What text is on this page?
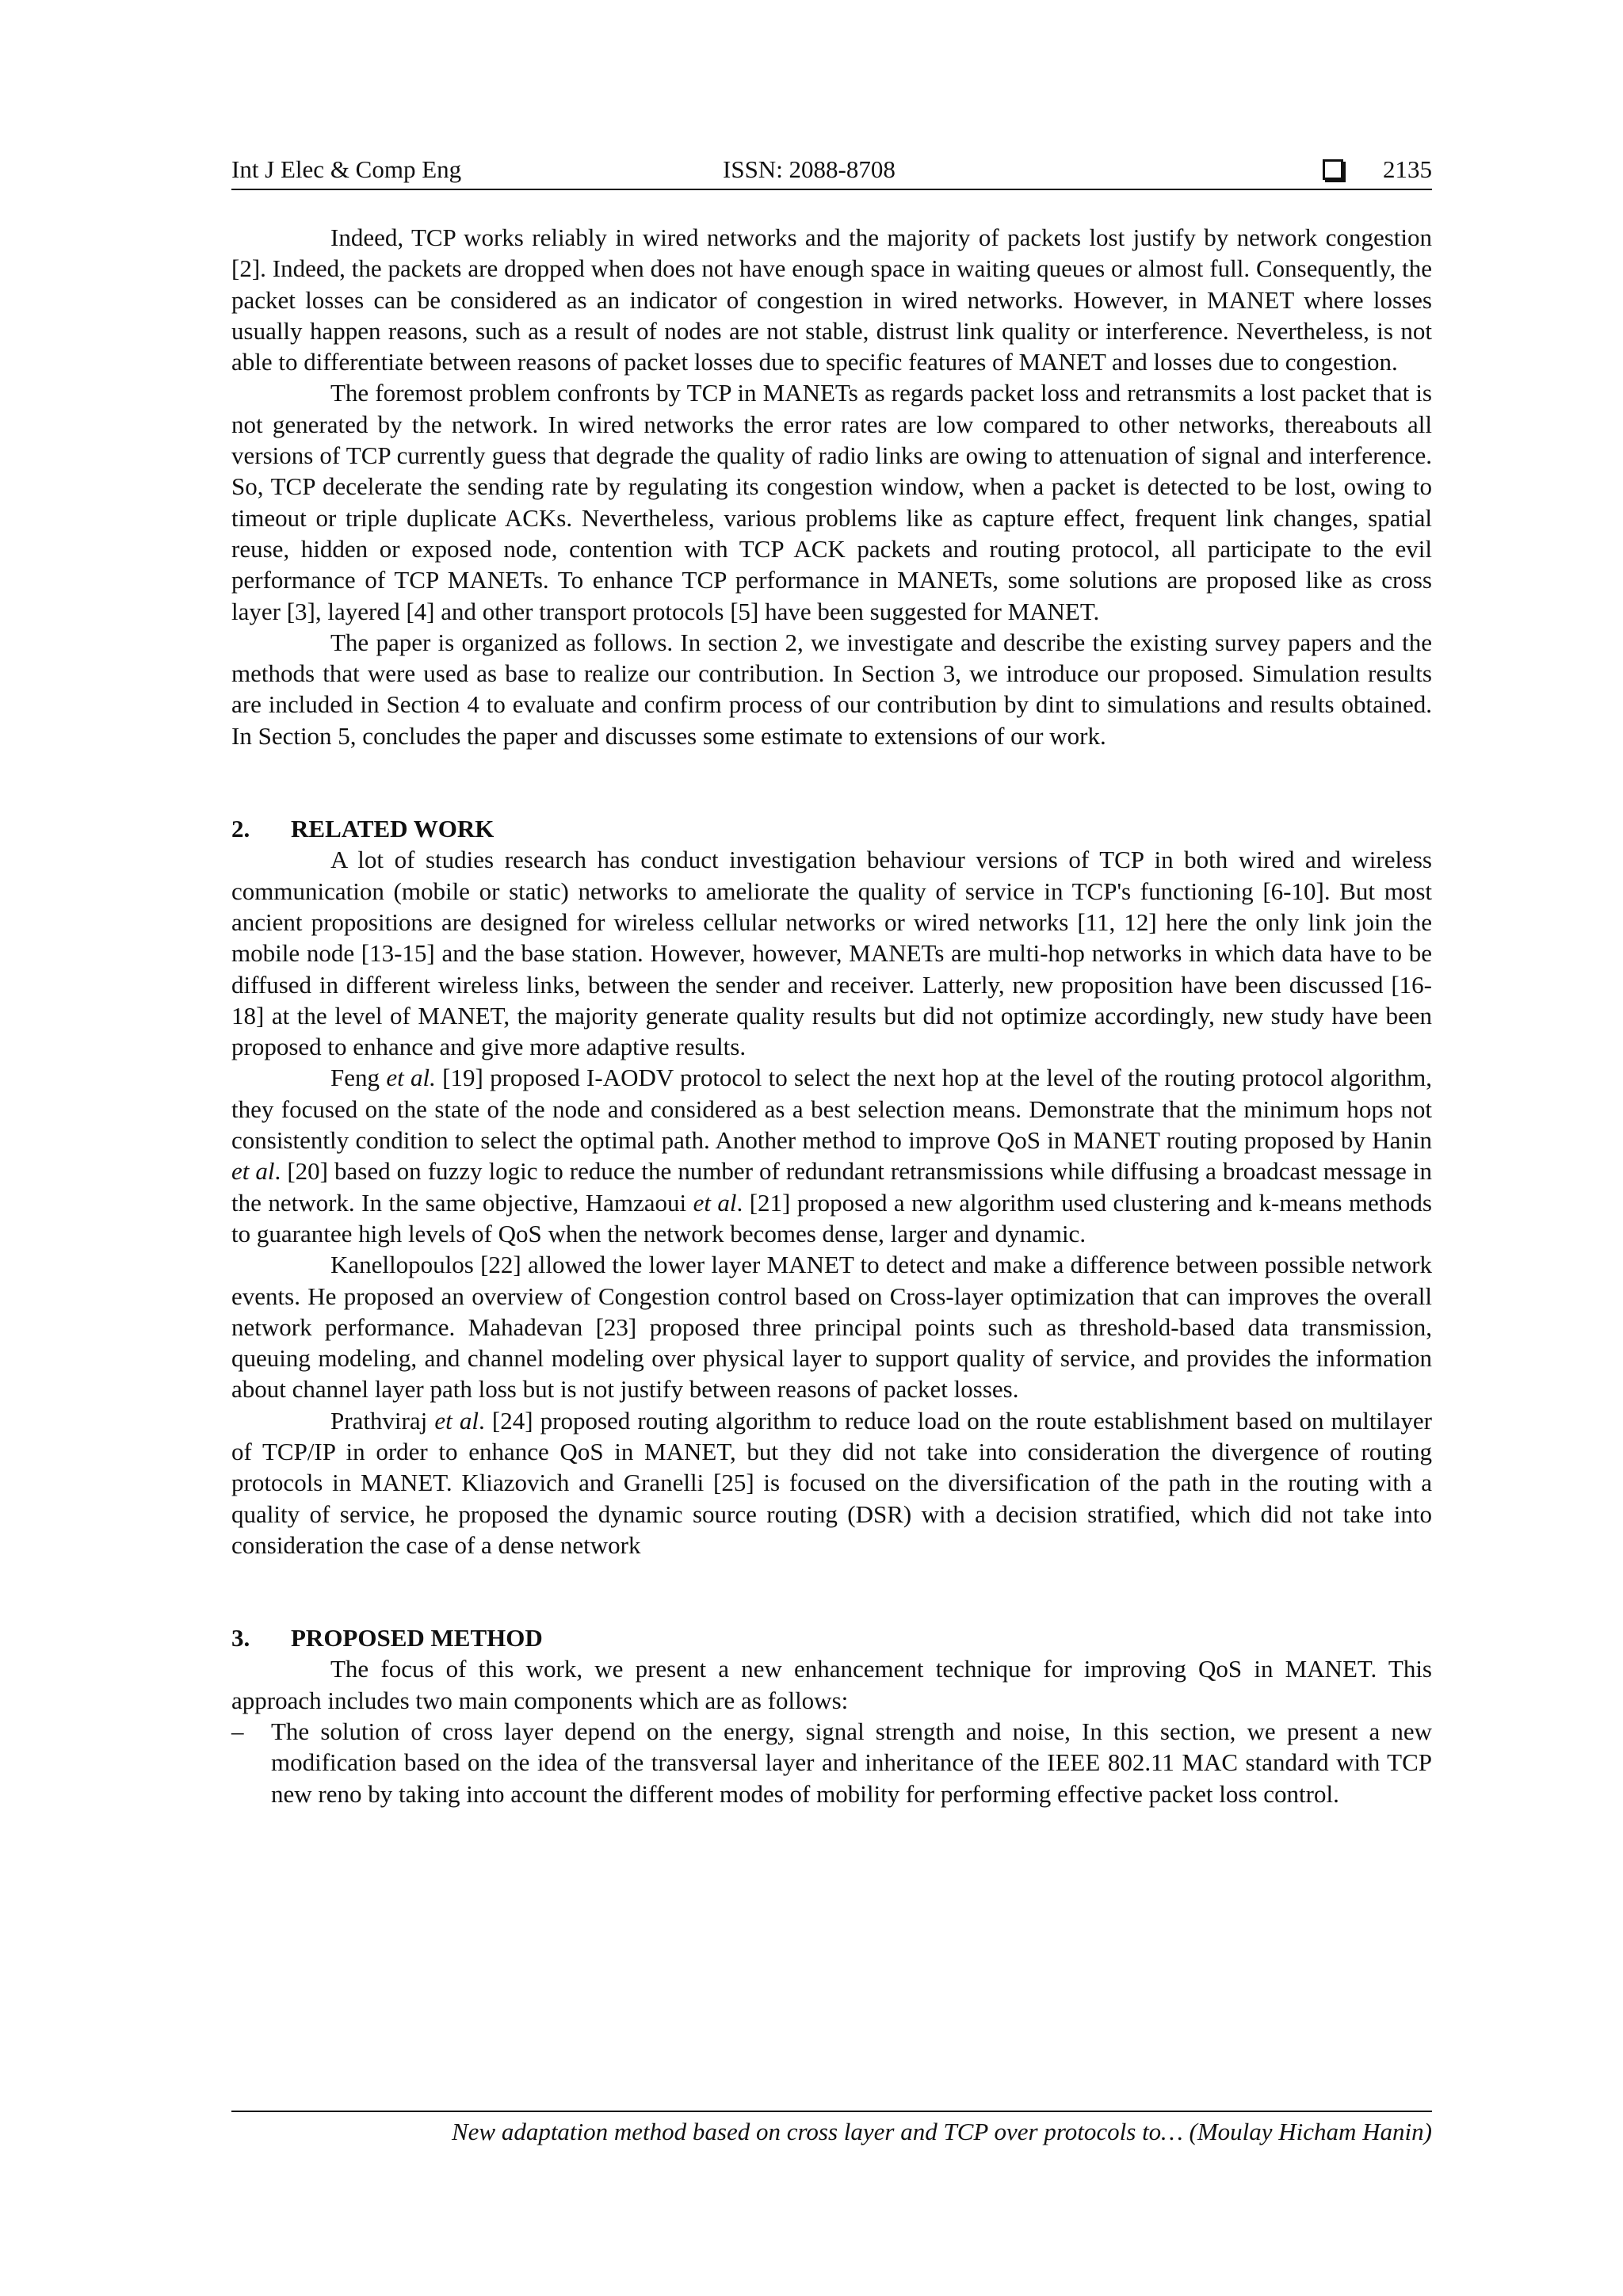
Int J Elec & Comp Eng	ISSN: 2088-8708	2135

Indeed, TCP works reliably in wired networks and the majority of packets lost justify by network congestion [2]. Indeed, the packets are dropped when does not have enough space in waiting queues or almost full. Consequently, the packet losses can be considered as an indicator of congestion in wired networks. However, in MANET where losses usually happen reasons, such as a result of nodes are not stable, distrust link quality or interference. Nevertheless, is not able to differentiate between reasons of packet losses due to specific features of MANET and losses due to congestion.

The foremost problem confronts by TCP in MANETs as regards packet loss and retransmits a lost packet that is not generated by the network. In wired networks the error rates are low compared to other networks, thereabouts all versions of TCP currently guess that degrade the quality of radio links are owing to attenuation of signal and interference. So, TCP decelerate the sending rate by regulating its congestion window, when a packet is detected to be lost, owing to timeout or triple duplicate ACKs. Nevertheless, various problems like as capture effect, frequent link changes, spatial reuse, hidden or exposed node, contention with TCP ACK packets and routing protocol, all participate to the evil performance of TCP MANETs. To enhance TCP performance in MANETs, some solutions are proposed like as cross layer [3], layered [4] and other transport protocols [5] have been suggested for MANET.

The paper is organized as follows. In section 2, we investigate and describe the existing survey papers and the methods that were used as base to realize our contribution. In Section 3, we introduce our proposed. Simulation results are included in Section 4 to evaluate and confirm process of our contribution by dint to simulations and results obtained. In Section 5, concludes the paper and discusses some estimate to extensions of our work.

2. RELATED WORK

A lot of studies research has conduct investigation behaviour versions of TCP in both wired and wireless communication (mobile or static) networks to ameliorate the quality of service in TCP's functioning [6-10]. But most ancient propositions are designed for wireless cellular networks or wired networks [11, 12] here the only link join the mobile node [13-15] and the base station. However, however, MANETs are multi-hop networks in which data have to be diffused in different wireless links, between the sender and receiver. Latterly, new proposition have been discussed [16-18] at the level of MANET, the majority generate quality results but did not optimize accordingly, new study have been proposed to enhance and give more adaptive results.

Feng et al. [19] proposed I-AODV protocol to select the next hop at the level of the routing protocol algorithm, they focused on the state of the node and considered as a best selection means. Demonstrate that the minimum hops not consistently condition to select the optimal path. Another method to improve QoS in MANET routing proposed by Hanin et al. [20] based on fuzzy logic to reduce the number of redundant retransmissions while diffusing a broadcast message in the network. In the same objective, Hamzaoui et al. [21] proposed a new algorithm used clustering and k-means methods to guarantee high levels of QoS when the network becomes dense, larger and dynamic.

Kanellopoulos [22] allowed the lower layer MANET to detect and make a difference between possible network events. He proposed an overview of Congestion control based on Cross-layer optimization that can improves the overall network performance. Mahadevan [23] proposed three principal points such as threshold-based data transmission, queuing modeling, and channel modeling over physical layer to support quality of service, and provides the information about channel layer path loss but is not justify between reasons of packet losses.

Prathviraj et al. [24] proposed routing algorithm to reduce load on the route establishment based on multilayer of TCP/IP in order to enhance QoS in MANET, but they did not take into consideration the divergence of routing protocols in MANET. Kliazovich and Granelli [25] is focused on the diversification of the path in the routing with a quality of service, he proposed the dynamic source routing (DSR) with a decision stratified, which did not take into consideration the case of a dense network

3. PROPOSED METHOD

The focus of this work, we present a new enhancement technique for improving QoS in MANET. This approach includes two main components which are as follows:

– The solution of cross layer depend on the energy, signal strength and noise, In this section, we present a new modification based on the idea of the transversal layer and inheritance of the IEEE 802.11 MAC standard with TCP new reno by taking into account the different modes of mobility for performing effective packet loss control.
New adaptation method based on cross layer and TCP over protocols to… (Moulay Hicham Hanin)
